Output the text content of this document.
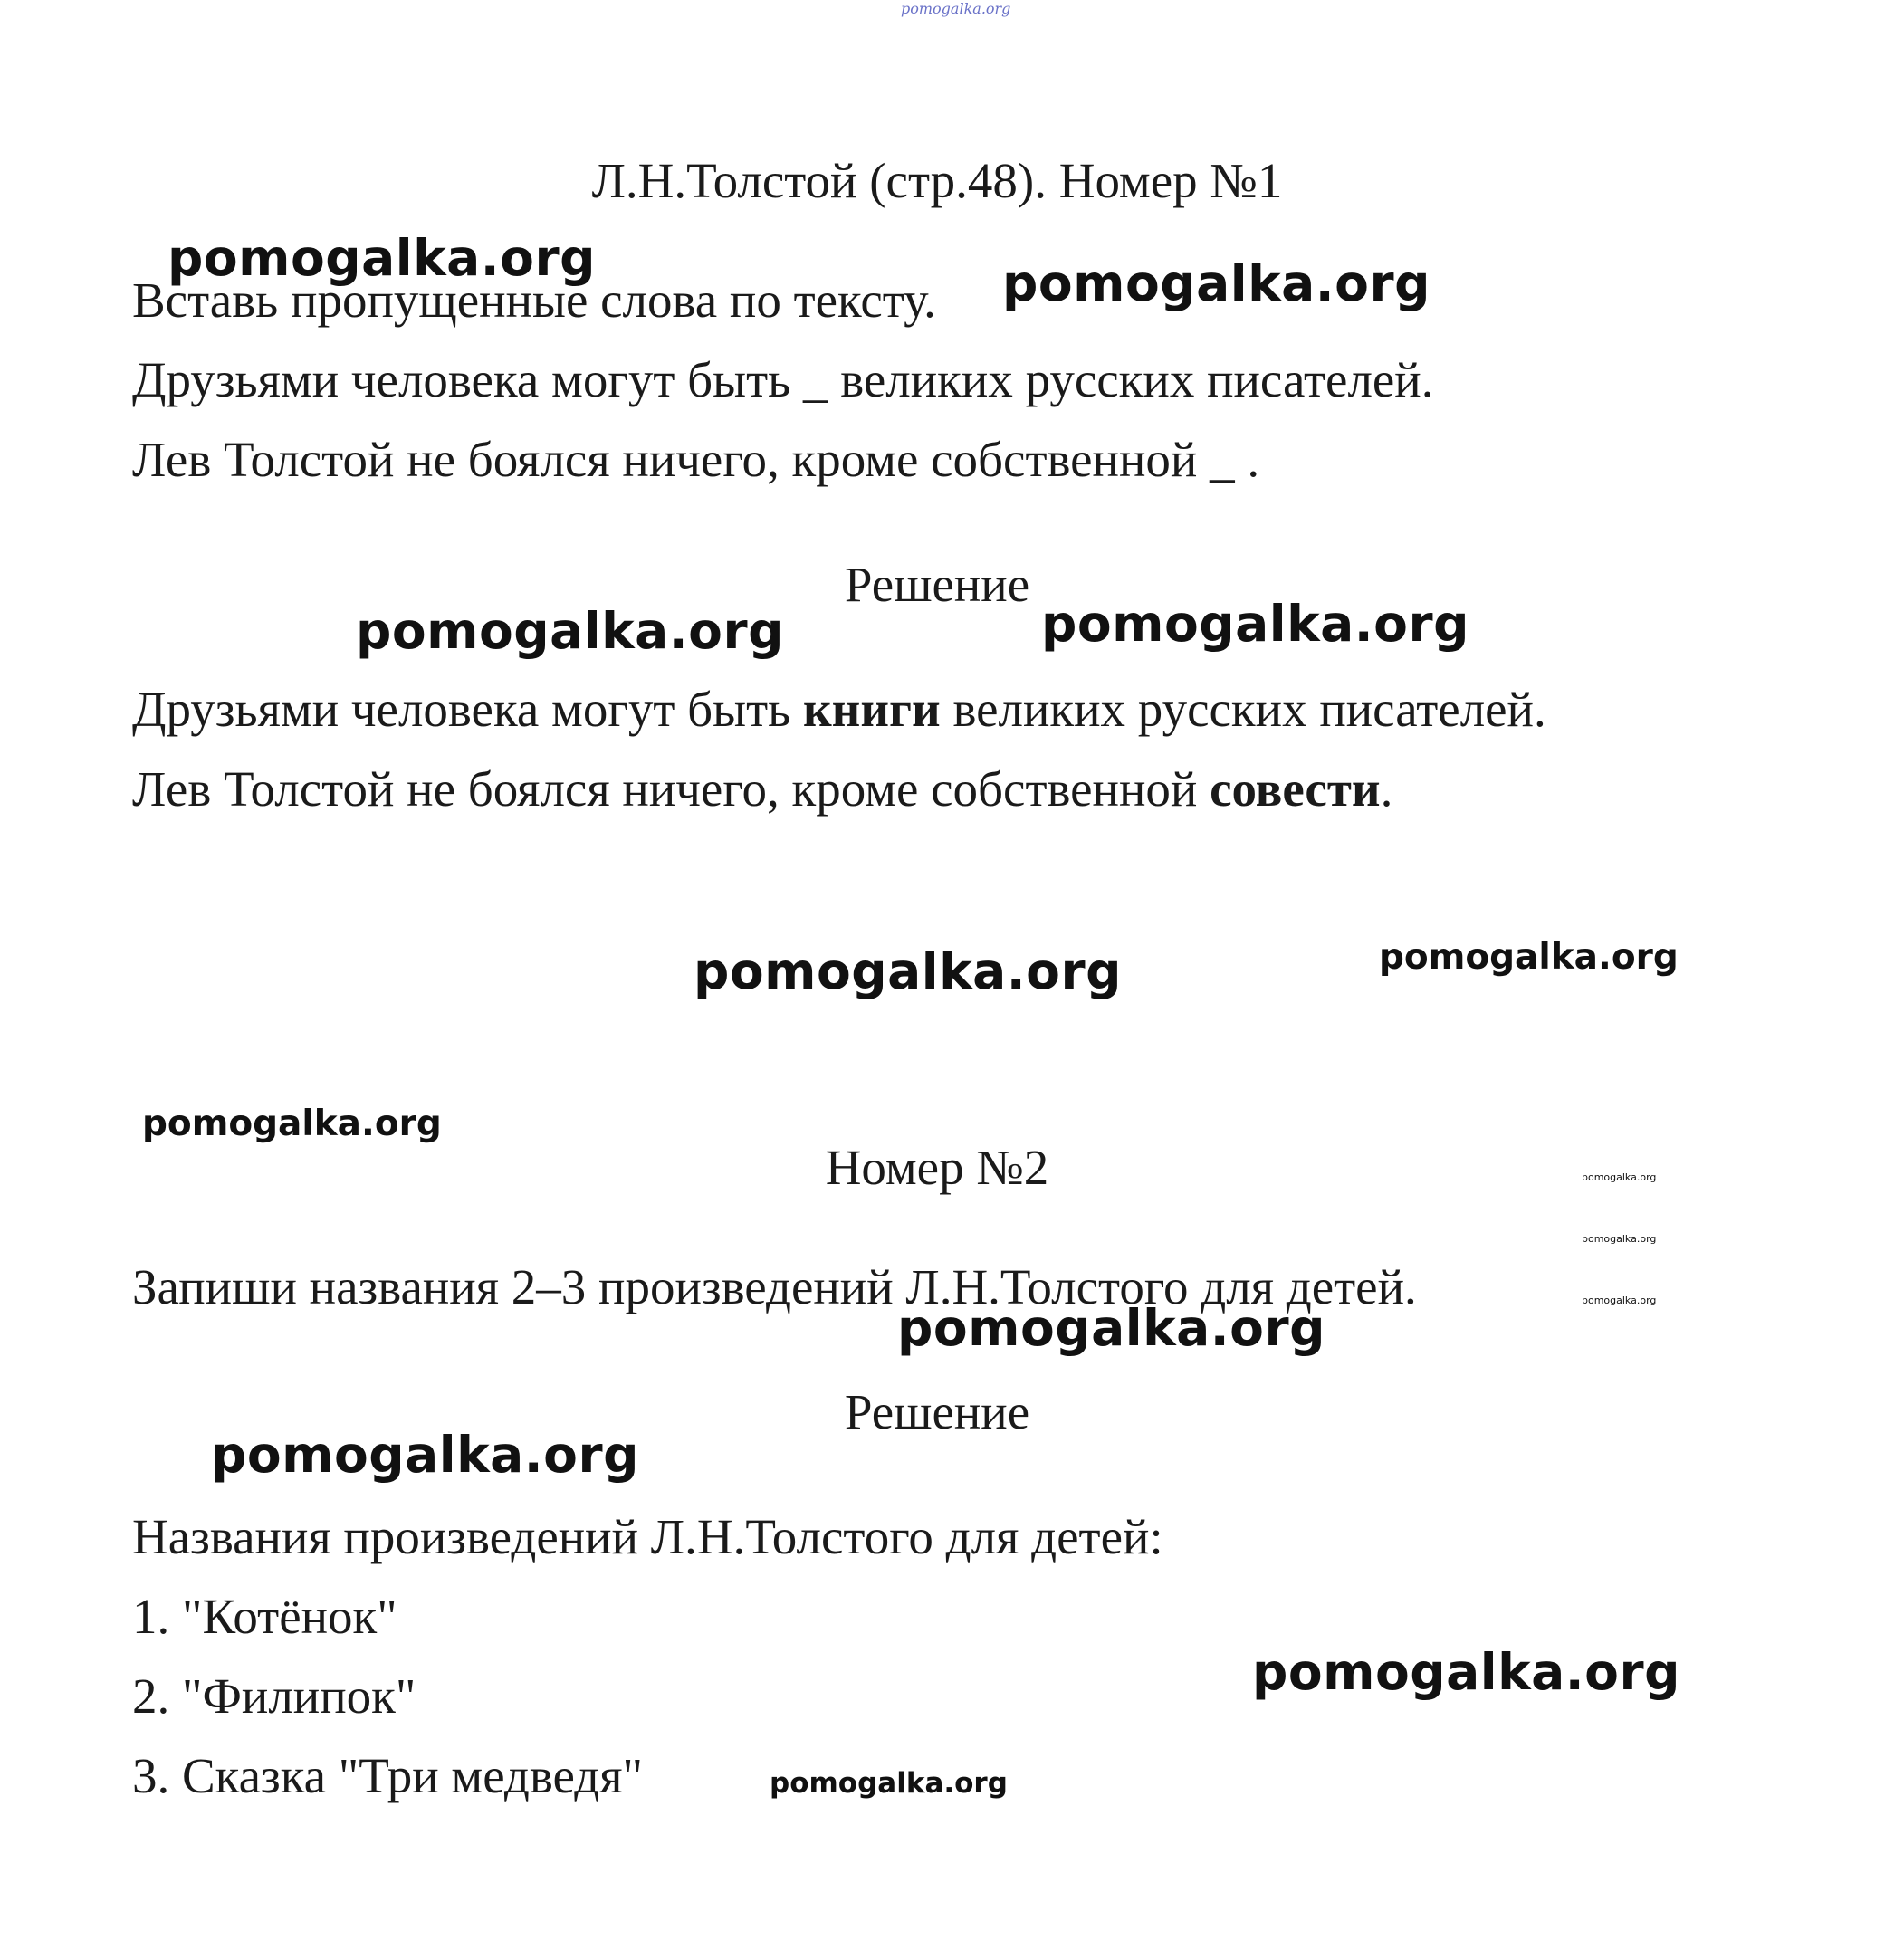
pomogalka.org
Л.Н.Толстой (стр.48). Номер №1
Вставь пропущенные слова по тексту.
Друзьями человека могут быть _ великих русских писателей.
Лев Толстой не боялся ничего, кроме собственной _ .
Решение
Друзьями человека могут быть книги великих русских писателей.
Лев Толстой не боялся ничего, кроме собственной совести.
Номер №2
Запиши названия 2–3 произведений Л.Н.Толстого для детей.
Решение
Названия произведений Л.Н.Толстого для детей:
1. "Котёнок"
2. "Филипок"
3. Сказка "Три медведя"
pomogalka.org	pomogalka.org
pomogalka.org	pomogalka.org
pomogalka.org	pomogalka.org
pomogalka.org
pomogalka.org
pomogalka.org
pomogalka.org
pomogalka.org
pomogalka.org
pomogalka.org
pomogalka.org
